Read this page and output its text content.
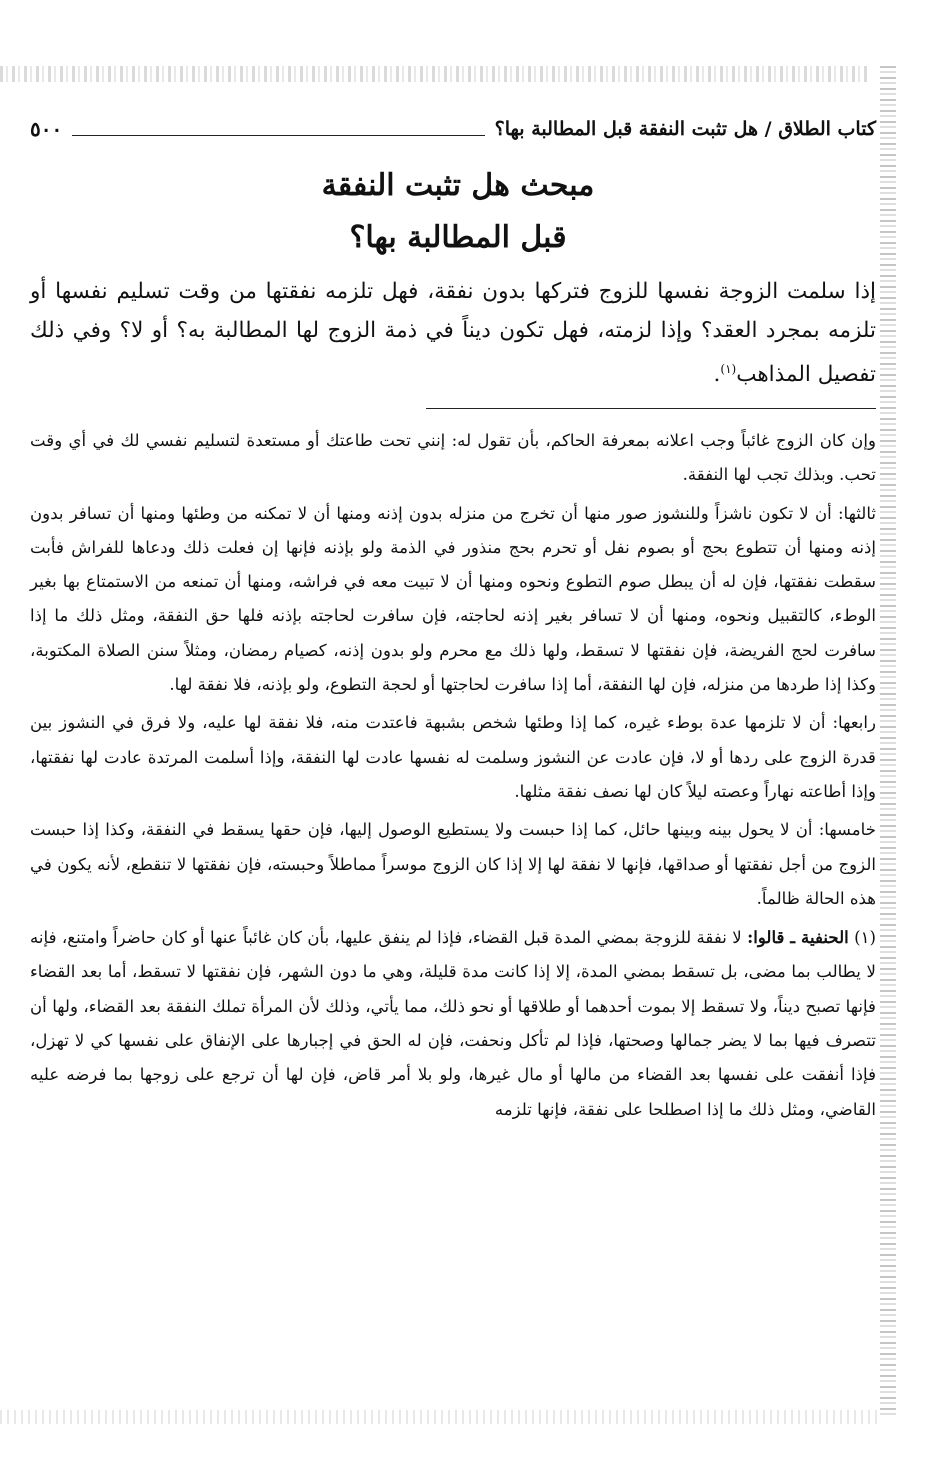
كتاب الطلاق / هل تثبت النفقة قبل المطالبة بها؟
٥٠٠
مبحث هل تثبت النفقة
قبل المطالبة بها؟

إذا سلمت الزوجة نفسها للزوج فتركها بدون نفقة، فهل تلزمه نفقتها من وقت تسليم نفسها أو تلزمه بمجرد العقد؟ وإذا لزمته، فهل تكون ديناً في ذمة الزوج لها المطالبة به؟ أو لا؟ وفي ذلك تفصيل المذاهب$^{(١)}$.

وإن كان الزوج غائباً وجب اعلانه بمعرفة الحاكم، بأن تقول له: إنني تحت طاعتك أو مستعدة لتسليم نفسي لك في أي وقت تحب. وبذلك تجب لها النفقة.

ثالثها: أن لا تكون ناشزاً وللنشوز صور منها أن تخرج من منزله بدون إذنه ومنها أن لا تمكنه من وطئها ومنها أن تسافر بدون إذنه ومنها أن تتطوع بحج أو بصوم نفل أو تحرم بحج منذور في الذمة ولو بإذنه فإنها إن فعلت ذلك ودعاها للفراش فأبت سقطت نفقتها، فإن له أن يبطل صوم التطوع ونحوه ومنها أن لا تبيت معه في فراشه، ومنها أن تمنعه من الاستمتاع بها بغير الوطء، كالتقبيل ونحوه، ومنها أن لا تسافر بغير إذنه لحاجته، فإن سافرت لحاجته بإذنه فلها حق النفقة، ومثل ذلك ما إذا سافرت لحج الفريضة، فإن نفقتها لا تسقط، ولها ذلك مع محرم ولو بدون إذنه، كصيام رمضان، ومثلاً سنن الصلاة المكتوبة، وكذا إذا طردها من منزله، فإن لها النفقة، أما إذا سافرت لحاجتها أو لحجة التطوع، ولو بإذنه، فلا نفقة لها.

رابعها: أن لا تلزمها عدة بوطء غيره، كما إذا وطئها شخص بشبهة فاعتدت منه، فلا نفقة لها عليه، ولا فرق في النشوز بين قدرة الزوج على ردها أو لا، فإن عادت عن النشوز وسلمت له نفسها عادت لها النفقة، وإذا أسلمت المرتدة عادت لها نفقتها، وإذا أطاعته نهاراً وعصته ليلاً كان لها نصف نفقة مثلها.

خامسها: أن لا يحول بينه وبينها حائل، كما إذا حبست ولا يستطيع الوصول إليها، فإن حقها يسقط في النفقة، وكذا إذا حبست الزوج من أجل نفقتها أو صداقها، فإنها لا نفقة لها إلا إذا كان الزوج موسراً مماطلاً وحبسته، فإن نفقتها لا تنقطع، لأنه يكون في هذه الحالة ظالماً.

(١) الحنفية ـ قالوا: لا نفقة للزوجة بمضي المدة قبل القضاء، فإذا لم ينفق عليها، بأن كان غائباً عنها أو كان حاضراً وامتنع، فإنه لا يطالب بما مضى، بل تسقط بمضي المدة، إلا إذا كانت مدة قليلة، وهي ما دون الشهر، فإن نفقتها لا تسقط، أما بعد القضاء فإنها تصبح ديناً، ولا تسقط إلا بموت أحدهما أو طلاقها أو نحو ذلك، مما يأتي، وذلك لأن المرأة تملك النفقة بعد القضاء، ولها أن تتصرف فيها بما لا يضر جمالها وصحتها، فإذا لم تأكل ونحفت، فإن له الحق في إجبارها على الإنفاق على نفسها كي لا تهزل، فإذا أنفقت على نفسها بعد القضاء من مالها أو مال غيرها، ولو بلا أمر قاض، فإن لها أن ترجع على زوجها بما فرضه عليه القاضي، ومثل ذلك ما إذا اصطلحا على نفقة، فإنها تلزمه
